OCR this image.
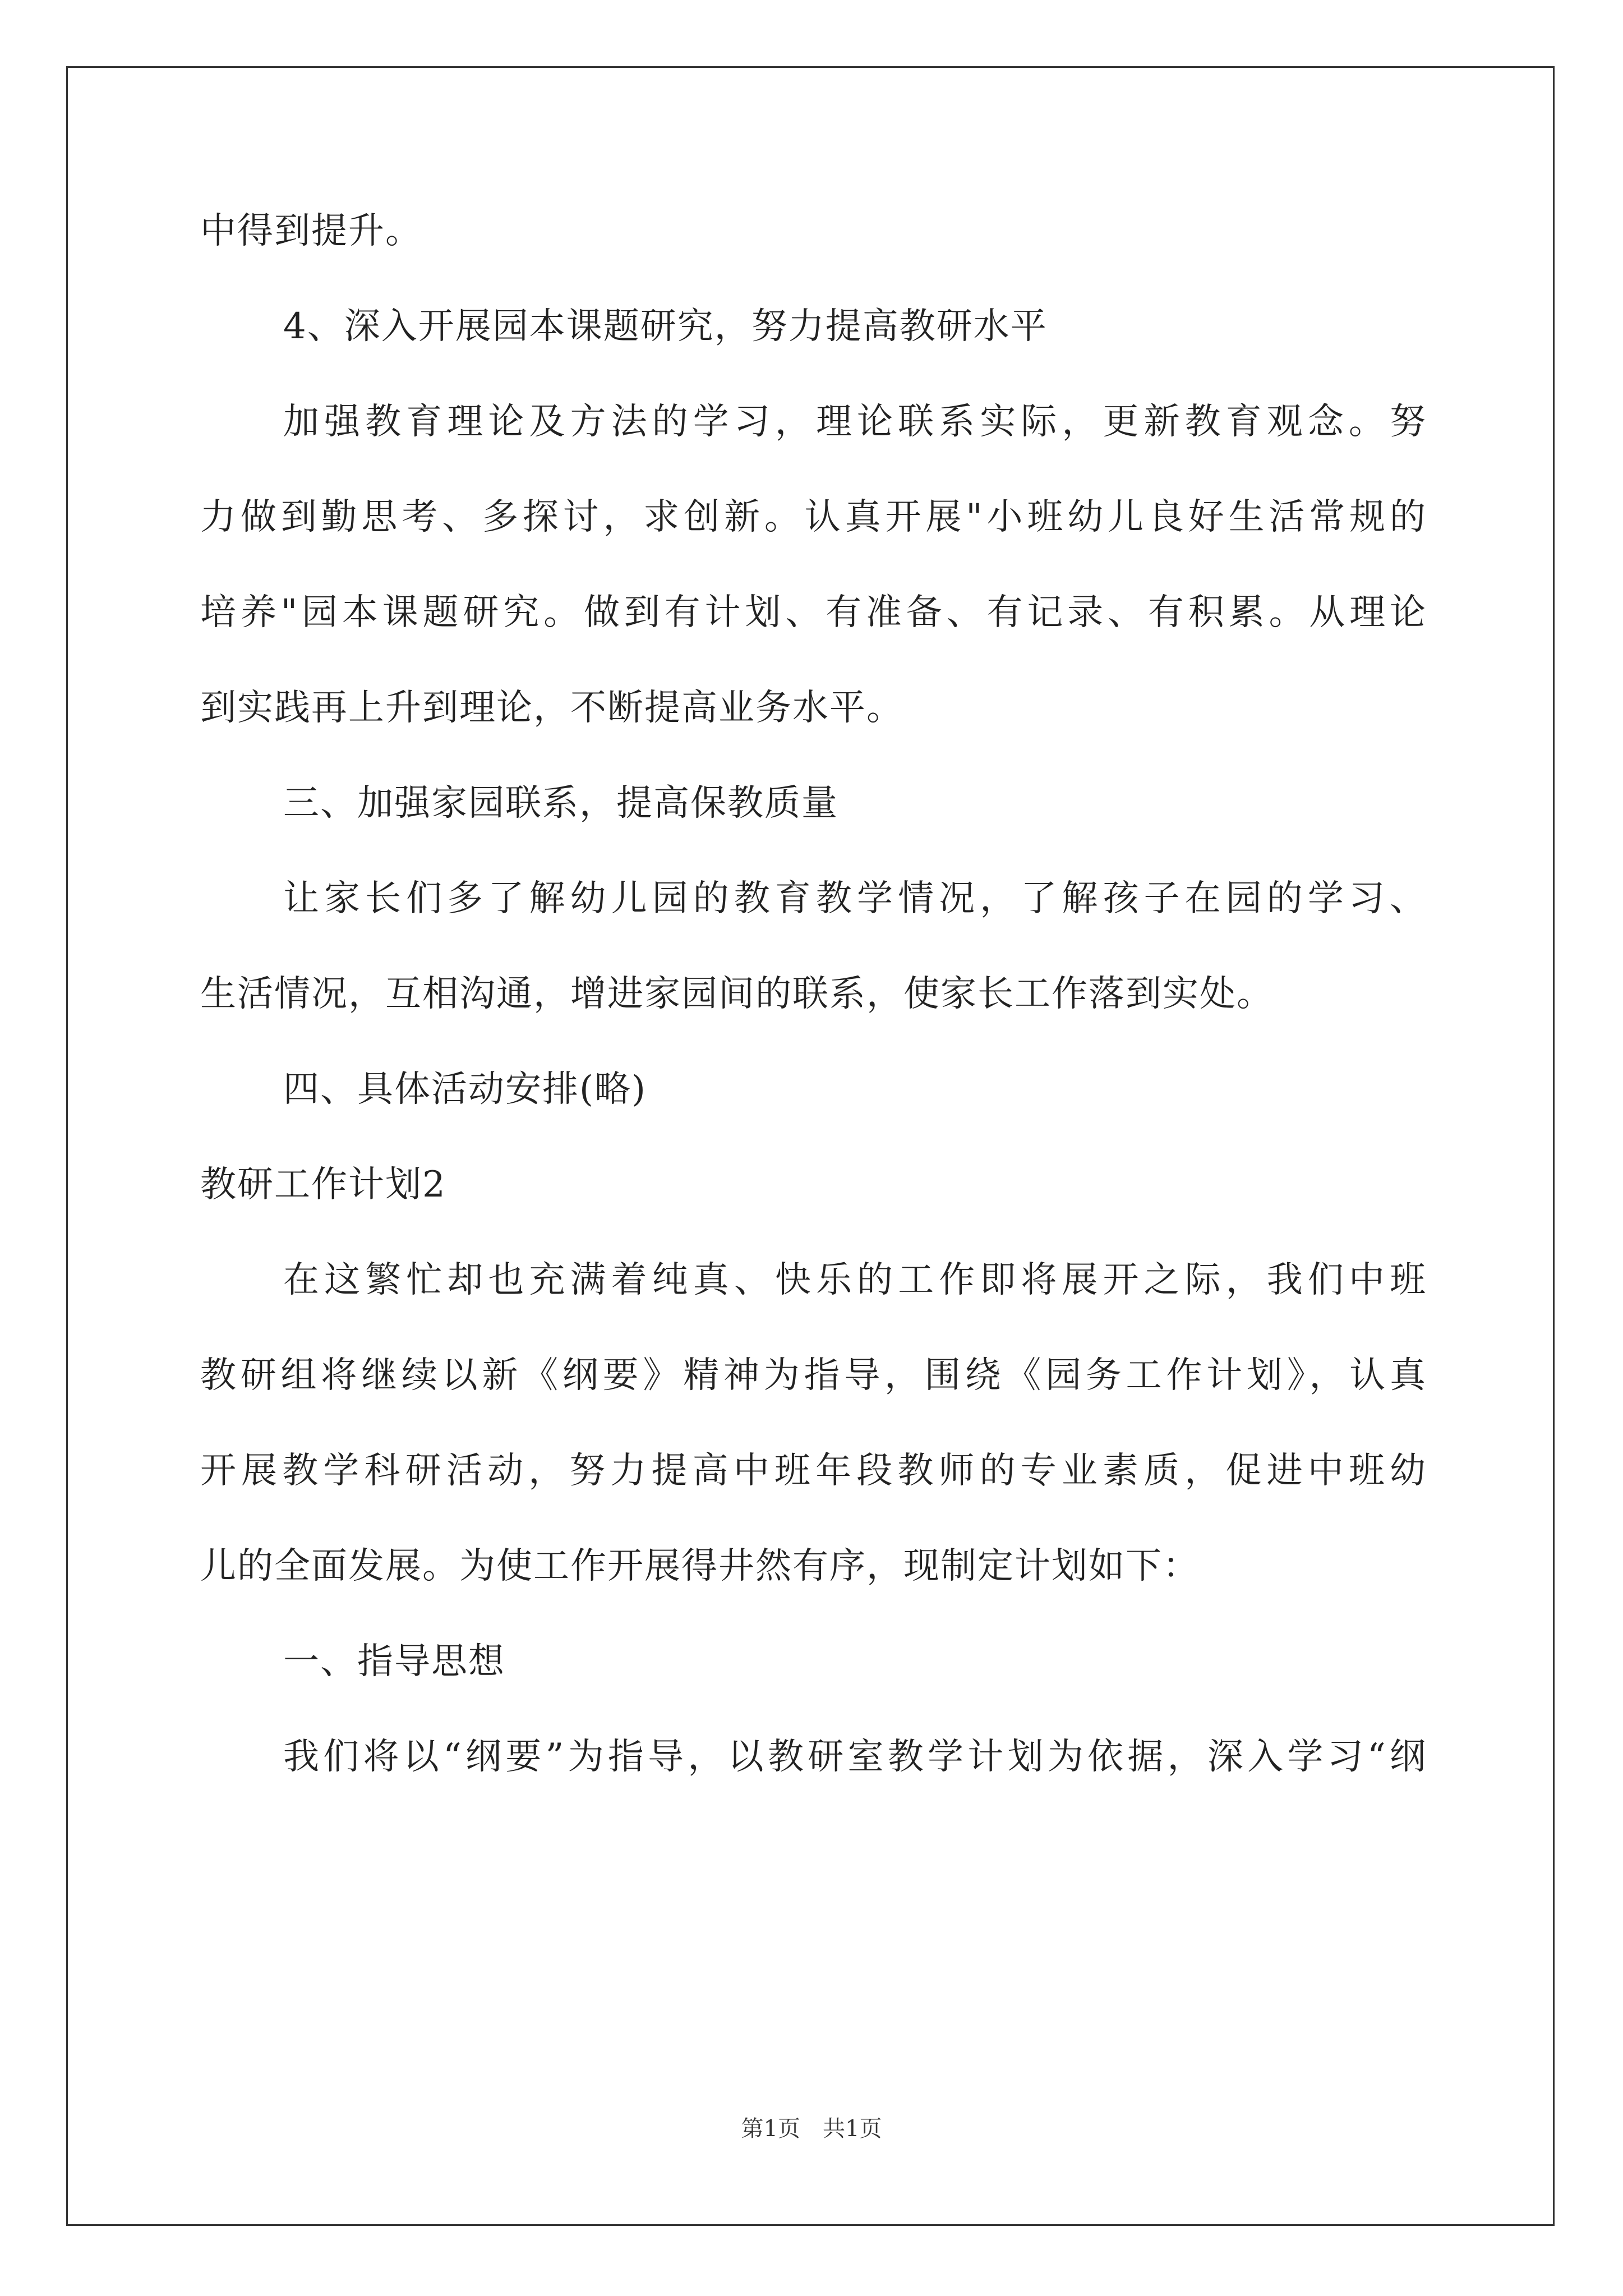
中得到提升。
4、深入开展园本课题研究，努力提高教研水平
加强教育理论及方法的学习，理论联系实际，更新教育观念。努
力做到勤思考、多探讨，求创新。认真开展"小班幼儿良好生活常规的
培养"园本课题研究。做到有计划、有准备、有记录、有积累。从理论
到实践再上升到理论，不断提高业务水平。
三、加强家园联系，提高保教质量
让家长们多了解幼儿园的教育教学情况，了解孩子在园的学习、
生活情况，互相沟通，增进家园间的联系，使家长工作落到实处。
四、具体活动安排(略)
教研工作计划2
在这繁忙却也充满着纯真、快乐的工作即将展开之际，我们中班
教研组将继续以新《纲要》精神为指导，围绕《园务工作计划》，认真
开展教学科研活动，努力提高中班年段教师的专业素质，促进中班幼
儿的全面发展。为使工作开展得井然有序，现制定计划如下：
一、指导思想
我们将以“纲要”为指导，以教研室教学计划为依据，深入学习“纲
第1页　共1页
